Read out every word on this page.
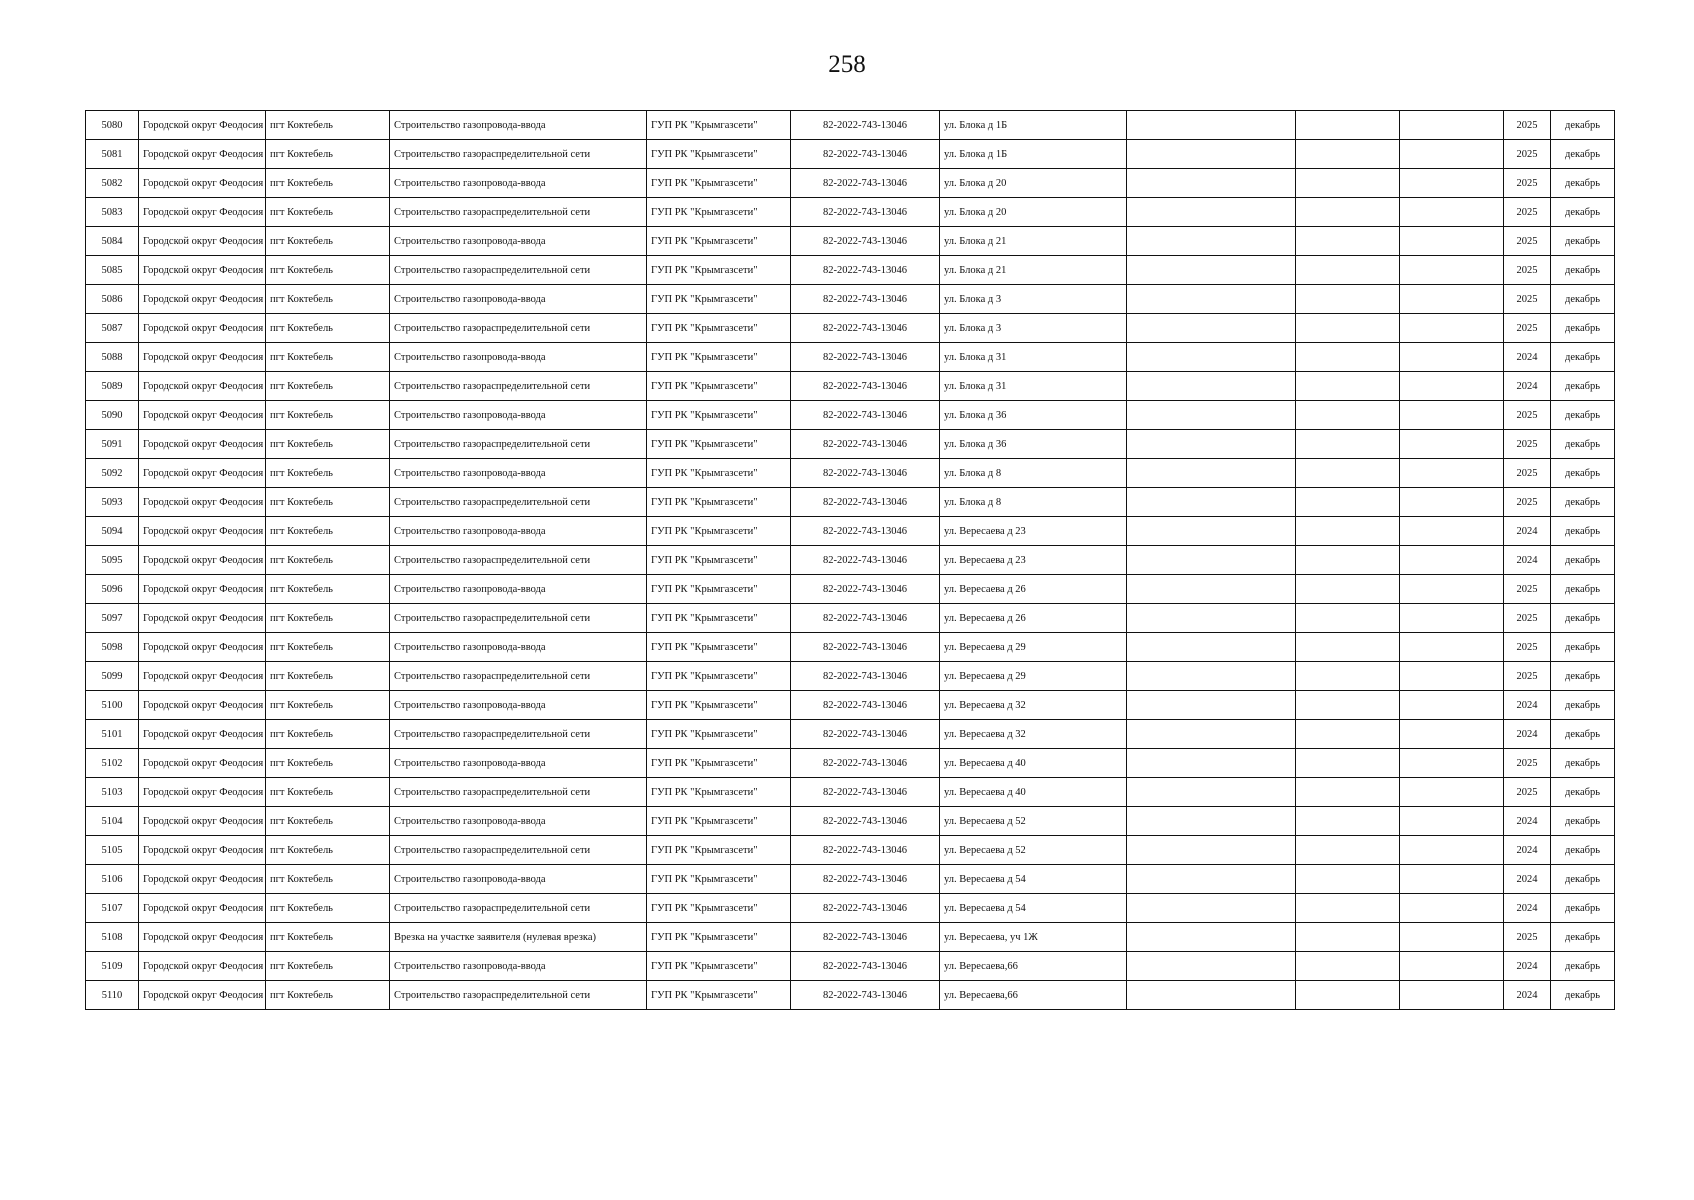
258
5080	Городской округ Феодосия	пгт Коктебель	Строительство газопровода-ввода	ГУП РК "Крымгазсети"	82-2022-743-13046	ул. Блока д 1Б				2025	декабрь
5081	Городской округ Феодосия	пгт Коктебель	Строительство газораспределительной сети	ГУП РК "Крымгазсети"	82-2022-743-13046	ул. Блока д 1Б				2025	декабрь
5082	Городской округ Феодосия	пгт Коктебель	Строительство газопровода-ввода	ГУП РК "Крымгазсети"	82-2022-743-13046	ул. Блока д 20				2025	декабрь
5083	Городской округ Феодосия	пгт Коктебель	Строительство газораспределительной сети	ГУП РК "Крымгазсети"	82-2022-743-13046	ул. Блока д 20				2025	декабрь
5084	Городской округ Феодосия	пгт Коктебель	Строительство газопровода-ввода	ГУП РК "Крымгазсети"	82-2022-743-13046	ул. Блока д 21				2025	декабрь
5085	Городской округ Феодосия	пгт Коктебель	Строительство газораспределительной сети	ГУП РК "Крымгазсети"	82-2022-743-13046	ул. Блока д 21				2025	декабрь
5086	Городской округ Феодосия	пгт Коктебель	Строительство газопровода-ввода	ГУП РК "Крымгазсети"	82-2022-743-13046	ул. Блока д 3				2025	декабрь
5087	Городской округ Феодосия	пгт Коктебель	Строительство газораспределительной сети	ГУП РК "Крымгазсети"	82-2022-743-13046	ул. Блока д 3				2025	декабрь
5088	Городской округ Феодосия	пгт Коктебель	Строительство газопровода-ввода	ГУП РК "Крымгазсети"	82-2022-743-13046	ул. Блока д 31				2024	декабрь
5089	Городской округ Феодосия	пгт Коктебель	Строительство газораспределительной сети	ГУП РК "Крымгазсети"	82-2022-743-13046	ул. Блока д 31				2024	декабрь
5090	Городской округ Феодосия	пгт Коктебель	Строительство газопровода-ввода	ГУП РК "Крымгазсети"	82-2022-743-13046	ул. Блока д 36				2025	декабрь
5091	Городской округ Феодосия	пгт Коктебель	Строительство газораспределительной сети	ГУП РК "Крымгазсети"	82-2022-743-13046	ул. Блока д 36				2025	декабрь
5092	Городской округ Феодосия	пгт Коктебель	Строительство газопровода-ввода	ГУП РК "Крымгазсети"	82-2022-743-13046	ул. Блока д 8				2025	декабрь
5093	Городской округ Феодосия	пгт Коктебель	Строительство газораспределительной сети	ГУП РК "Крымгазсети"	82-2022-743-13046	ул. Блока д 8				2025	декабрь
5094	Городской округ Феодосия	пгт Коктебель	Строительство газопровода-ввода	ГУП РК "Крымгазсети"	82-2022-743-13046	ул. Вересаева д 23				2024	декабрь
5095	Городской округ Феодосия	пгт Коктебель	Строительство газораспределительной сети	ГУП РК "Крымгазсети"	82-2022-743-13046	ул. Вересаева д 23				2024	декабрь
5096	Городской округ Феодосия	пгт Коктебель	Строительство газопровода-ввода	ГУП РК "Крымгазсети"	82-2022-743-13046	ул. Вересаева д 26				2025	декабрь
5097	Городской округ Феодосия	пгт Коктебель	Строительство газораспределительной сети	ГУП РК "Крымгазсети"	82-2022-743-13046	ул. Вересаева д 26				2025	декабрь
5098	Городской округ Феодосия	пгт Коктебель	Строительство газопровода-ввода	ГУП РК "Крымгазсети"	82-2022-743-13046	ул. Вересаева д 29				2025	декабрь
5099	Городской округ Феодосия	пгт Коктебель	Строительство газораспределительной сети	ГУП РК "Крымгазсети"	82-2022-743-13046	ул. Вересаева д 29				2025	декабрь
5100	Городской округ Феодосия	пгт Коктебель	Строительство газопровода-ввода	ГУП РК "Крымгазсети"	82-2022-743-13046	ул. Вересаева д 32				2024	декабрь
5101	Городской округ Феодосия	пгт Коктебель	Строительство газораспределительной сети	ГУП РК "Крымгазсети"	82-2022-743-13046	ул. Вересаева д 32				2024	декабрь
5102	Городской округ Феодосия	пгт Коктебель	Строительство газопровода-ввода	ГУП РК "Крымгазсети"	82-2022-743-13046	ул. Вересаева д 40				2025	декабрь
5103	Городской округ Феодосия	пгт Коктебель	Строительство газораспределительной сети	ГУП РК "Крымгазсети"	82-2022-743-13046	ул. Вересаева д 40				2025	декабрь
5104	Городской округ Феодосия	пгт Коктебель	Строительство газопровода-ввода	ГУП РК "Крымгазсети"	82-2022-743-13046	ул. Вересаева д 52				2024	декабрь
5105	Городской округ Феодосия	пгт Коктебель	Строительство газораспределительной сети	ГУП РК "Крымгазсети"	82-2022-743-13046	ул. Вересаева д 52				2024	декабрь
5106	Городской округ Феодосия	пгт Коктебель	Строительство газопровода-ввода	ГУП РК "Крымгазсети"	82-2022-743-13046	ул. Вересаева д 54				2024	декабрь
5107	Городской округ Феодосия	пгт Коктебель	Строительство газораспределительной сети	ГУП РК "Крымгазсети"	82-2022-743-13046	ул. Вересаева д 54				2024	декабрь
5108	Городской округ Феодосия	пгт Коктебель	Врезка на участке заявителя (нулевая врезка)	ГУП РК "Крымгазсети"	82-2022-743-13046	ул. Вересаева, уч 1Ж				2025	декабрь
5109	Городской округ Феодосия	пгт Коктебель	Строительство газопровода-ввода	ГУП РК "Крымгазсети"	82-2022-743-13046	ул. Вересаева,66				2024	декабрь
5110	Городской округ Феодосия	пгт Коктебель	Строительство газораспределительной сети	ГУП РК "Крымгазсети"	82-2022-743-13046	ул. Вересаева,66				2024	декабрь
